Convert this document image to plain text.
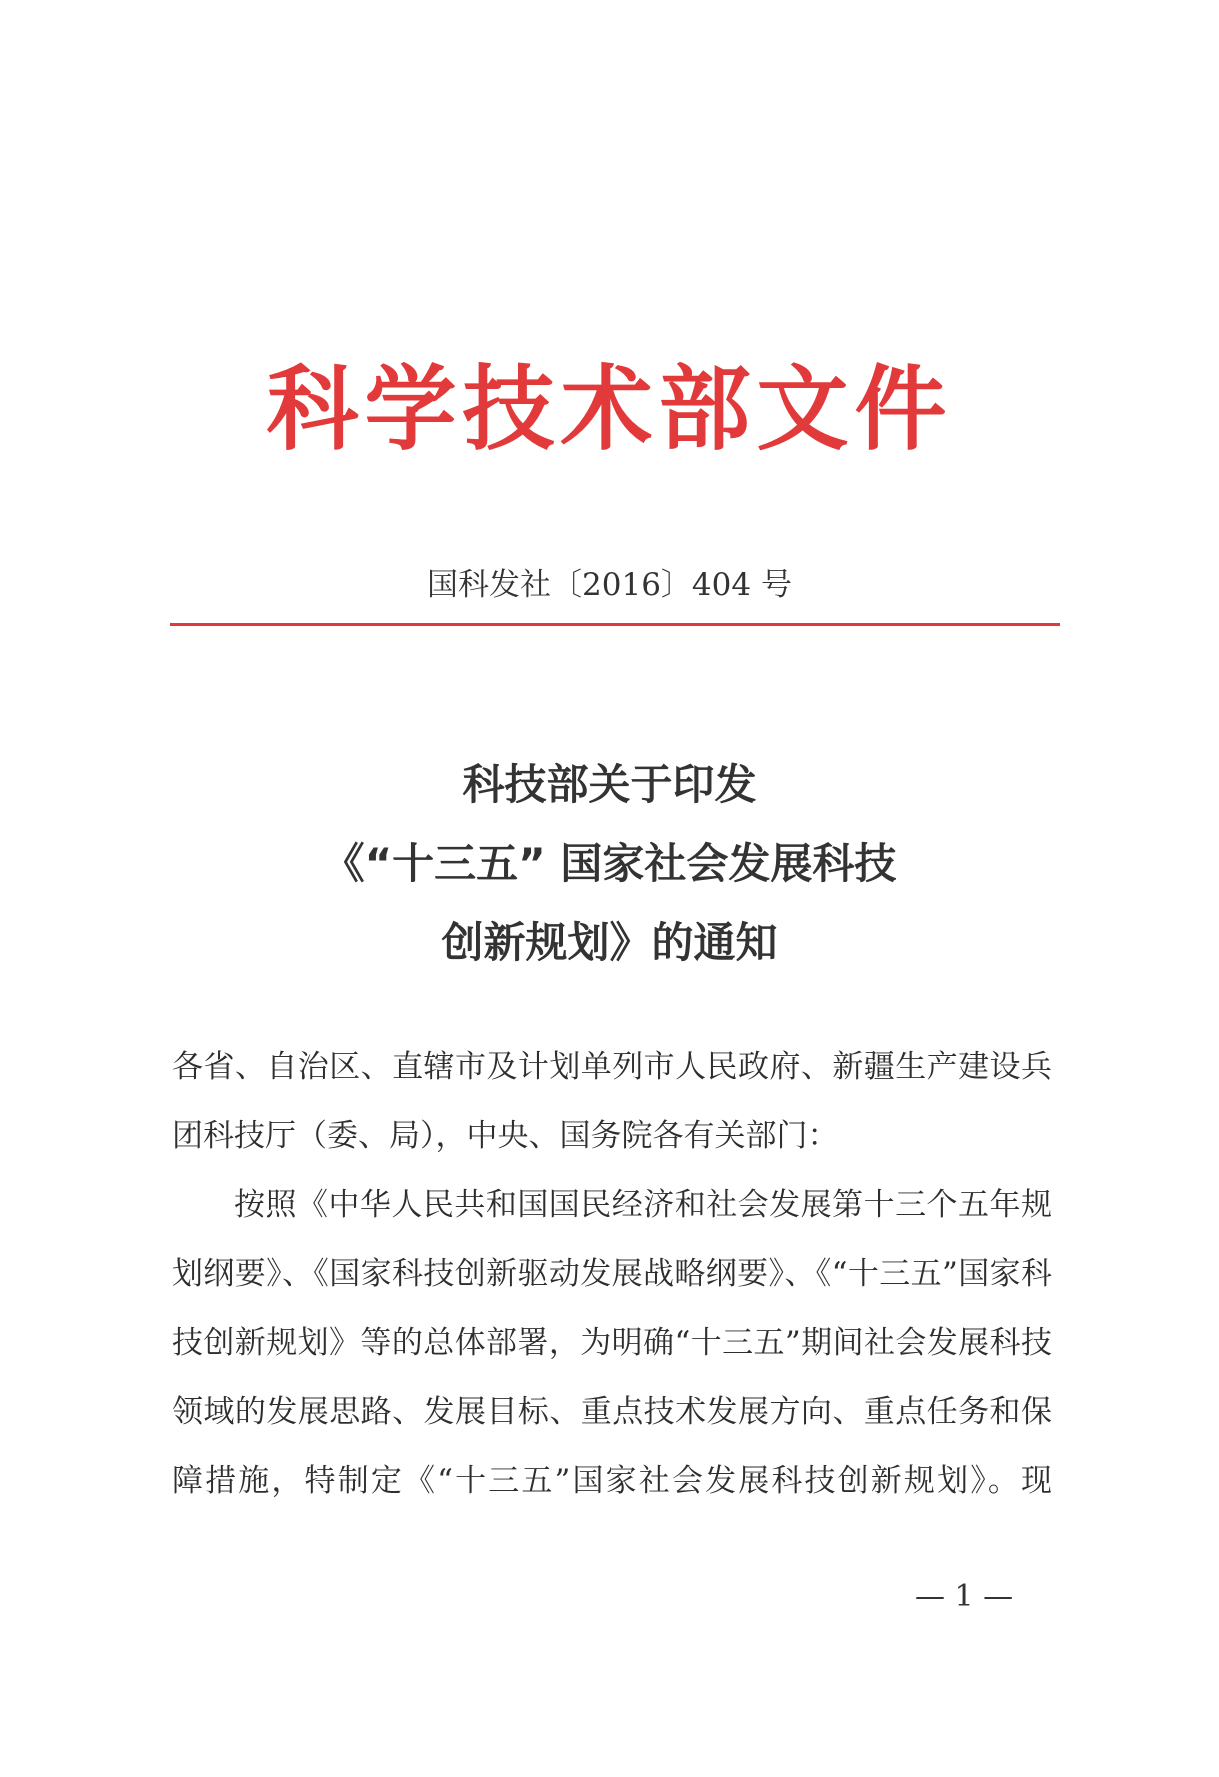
科学技术部文件
国科发社〔2016〕404 号
科技部关于印发
《“十三五” 国家社会发展科技
创新规划》的通知

各省、自治区、直辖市及计划单列市人民政府、新疆生产建设兵团科技厅（委、局），中央、国务院各有关部门：

按照《中华人民共和国国民经济和社会发展第十三个五年规划纲要》、《国家科技创新驱动发展战略纲要》、《“十三五”国家科技创新规划》等的总体部署，为明确“十三五”期间社会发展科技领域的发展思路、发展目标、重点技术发展方向、重点任务和保障措施，特制定《“十三五”国家社会发展科技创新规划》。现

— 1 —
